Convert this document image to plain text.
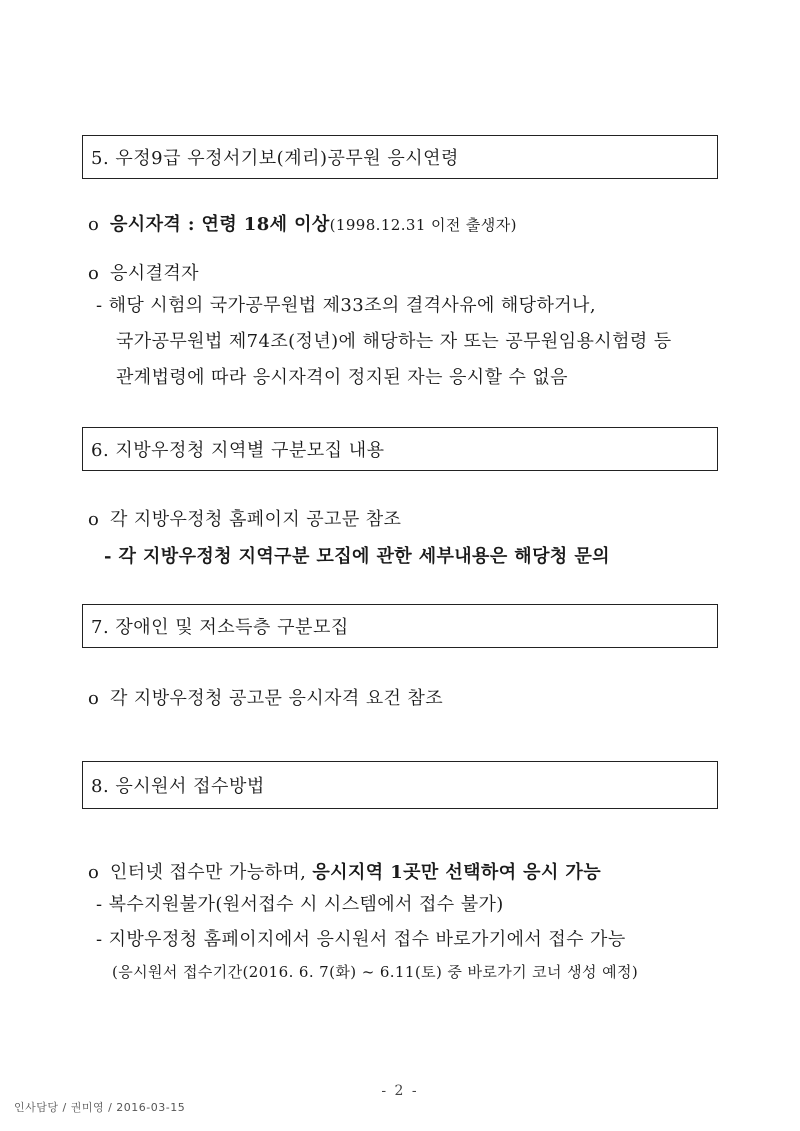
5. 우정9급 우정서기보(계리)공무원 응시연령
o 응시자격 : 연령 18세 이상(1998.12.31 이전 출생자)
o 응시결격자
- 해당 시험의 국가공무원법 제33조의 결격사유에 해당하거나,
국가공무원법 제74조(정년)에 해당하는 자 또는 공무원임용시험령 등
관계법령에 따라 응시자격이 정지된 자는 응시할 수 없음
6. 지방우정청 지역별 구분모집 내용
o 각 지방우정청 홈페이지 공고문 참조
- 각 지방우정청 지역구분 모집에 관한 세부내용은 해당청 문의
7. 장애인 및 저소득층 구분모집
o 각 지방우정청 공고문 응시자격 요건 참조
8. 응시원서 접수방법
o 인터넷 접수만 가능하며, 응시지역 1곳만 선택하여 응시 가능
- 복수지원불가(원서접수 시 시스템에서 접수 불가)
- 지방우정청 홈페이지에서 응시원서 접수 바로가기에서 접수 가능
(응시원서 접수기간(2016. 6. 7(화) ~ 6.11(토) 중 바로가기 코너 생성 예정)
- 2 -
인사담당 / 권미영 / 2016-03-15
